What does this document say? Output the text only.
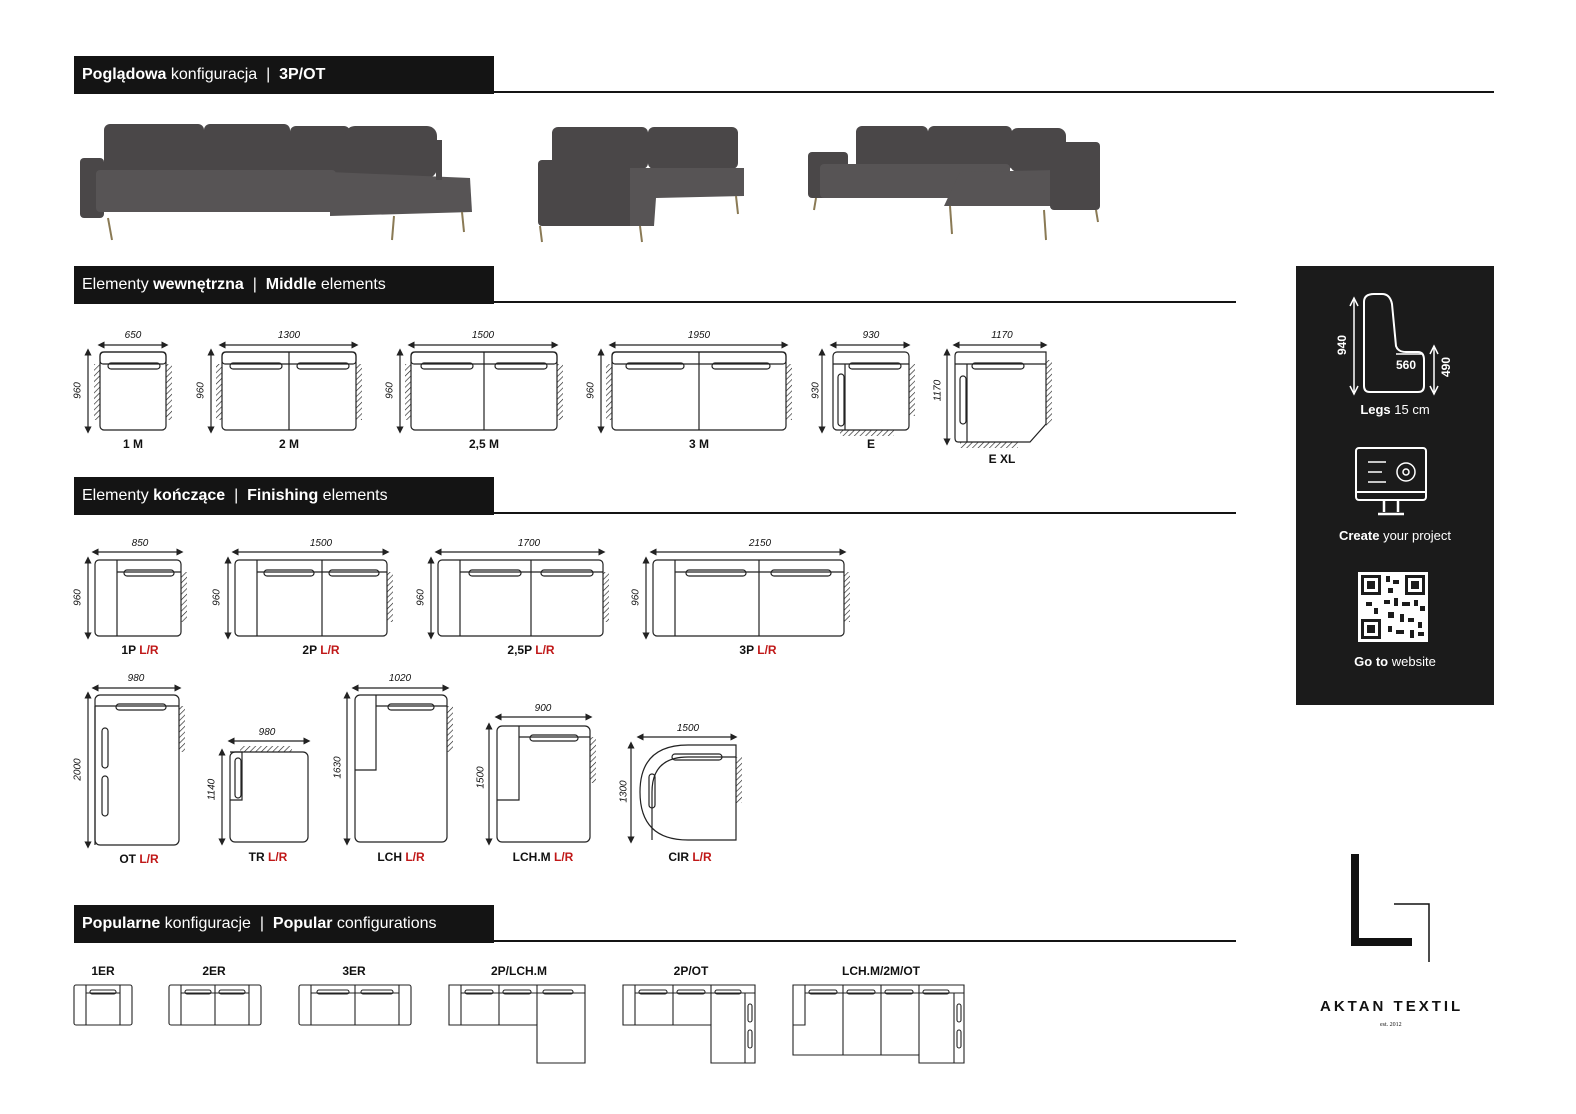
Poglądowa konfiguracja  |  3P/OT
Elementy wewnętrzna  |  Middle elements
Elementy kończące  |  Finishing elements
Popularne konfiguracje  |  Popular configurations
650	1300	1500	1950	930	1170
960	960	960	960	930	1170
1 M	2 M	2,5 M	3 M	E
E XL
850	1500	1700	2150
980
980
1020
900
1500
960	960	960	960
2000
1140
1630	1500
1300
1P L/R	2P L/R	2,5P L/R	3P L/R
OT L/R	TR L/R	LCH L/R	LCH.M L/R	CIR L/R
1ER	2ER	3ER	2P/LCH.M	2P/OT	LCH.M/2M/OT
940
560 490
Legs 15 cm
Create your project
Go to website
AKTAN TEXTIL
est. 2012
